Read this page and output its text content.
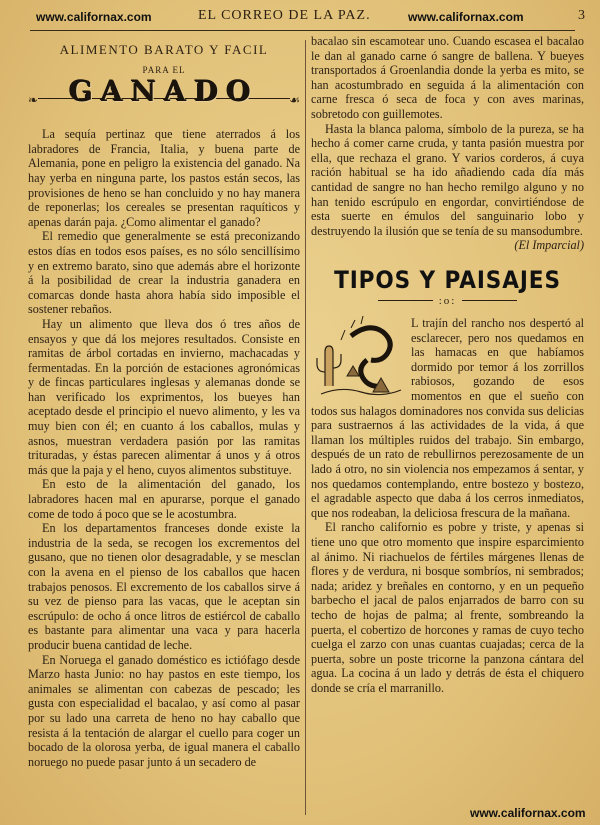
www.californax.com	EL CORREO DE LA PAZ.	www.californax.com	3
ALIMENTO BARATO Y FACIL
PARA EL
❧	GANADO	☙

La sequía pertinaz que tiene aterrados á los labradores de Francia, Italia, y buena parte de Alemania, pone en peligro la existencia del ganado. Na hay yerba en ninguna parte, los pastos están secos, las provisiones de heno se han concluido y no hay manera de reponerlas; los cereales se presentan raquíticos y apenas darán paja. ¿Como alimentar el ganado?

El remedio que generalmente se está preconizando estos días en todos esos países, es no sólo sencillísimo y en extremo barato, sino que además abre el horizonte á la posibilidad de crear la industria ganadera en comarcas donde hasta ahora había sido imposible el sostener rebaños.

Hay un alimento que lleva dos ó tres años de ensayos y que dá los mejores resultados. Consiste en ramitas de árbol cortadas en invierno, machacadas y fermentadas. En la porción de estaciones agronómicas y de fincas particulares inglesas y alemanas donde se han verificado los exprimentos, los bueyes han aceptado desde el principio el nuevo alimento, y les va muy bien con él; en cuanto á los caballos, mulas y asnos, muestran verdadera pasión por las ramitas trituradas, y éstas parecen alimentar á unos y á otros más que la paja y el heno, cuyos alimentos substituye.

En esto de la alimentación del ganado, los labradores hacen mal en apurarse, porque el ganado come de todo á poco que se le acostumbra.

En los departamentos franceses donde existe la industria de la seda, se recogen los excrementos del gusano, que no tienen olor desagradable, y se mesclan con la avena en el pienso de los caballos que hacen trabajos penosos. El excremento de los caballos sirve á su vez de pienso para las vacas, que le aceptan sin escrúpulo: de ocho á once litros de estiércol de caballo es bastante para alimentar una vaca y para hacerla producir buena cantidad de leche.

En Noruega el ganado doméstico es ictiófago desde Marzo hasta Junio: no hay pastos en este tiempo, los animales se alimentan con cabezas de pescado; les gusta con especialidad el bacalao, y así como al pasar por su lado una carreta de heno no hay caballo que resista á la tentación de alargar el cuello para coger un bocado de la olorosa yerba, de igual manera el caballo noruego no puede pasar junto á un secadero de

bacalao sin escamotear uno. Cuando escasea el bacalao le dan al ganado carne ó sangre de ballena. Y bueyes transportados á Groenlandia donde la yerba es mito, se han acostumbrado en seguida á la alimentación con carne fresca ó seca de foca y con aves marinas, sobretodo con guillemotes.

Hasta la blanca paloma, símbolo de la pureza, se ha hecho á comer carne cruda, y tanta pasión muestra por ella, que rechaza el grano. Y varios corderos, á cuya ración habitual se ha ido añadiendo cada día más cantidad de sangre no han hecho remilgo alguno y no han tenido escrúpulo en engordar, convirtiéndose de esta suerte en émulos del sanguinario lobo y destruyendo la ilusión que se tenía de su mansodumbre.

(El Imparcial)
TIPOS Y PAISAJES
:o:

L trajín del rancho nos despertó al esclarecer, pero nos quedamos en las hamacas en que habíamos dormido por temor á los zorrillos rabiosos, gozando de esos momentos en que el sueño con todos sus halagos dominadores nos convida sus delicias para sustraernos á las actividades de la vida, á que llaman los múltiples ruidos del trabajo. Sin embargo, después de un rato de rebullirnos perezosamente de un lado á otro, no sin violencia nos empezamos á sentar, y nos quedamos contemplando, entre bostezo y bostezo, el agradable aspecto que daba á los cerros inmediatos, que nos rodeaban, la deliciosa frescura de la mañana.

El rancho californio es pobre y triste, y apenas si tiene uno que otro momento que inspire esparcimiento al ánimo. Ni riachuelos de fértiles márgenes llenas de flores y de verdura, ni bosque sombríos, ni sembrados; nada; aridez y breñales en contorno, y en un pequeño barbecho el jacal de palos enjarrados de barro con su techo de hojas de palma; al frente, sombreando la puerta, el cobertizo de horcones y ramas de cuyo techo cuelga el zarzo con unas cuantas cuajadas; cerca de la puerta, sobre un poste tricorne la panzona cántara del agua. La cocina á un lado y detrás de ésta el chiquero donde se cría el marranillo.

www.californax.com
